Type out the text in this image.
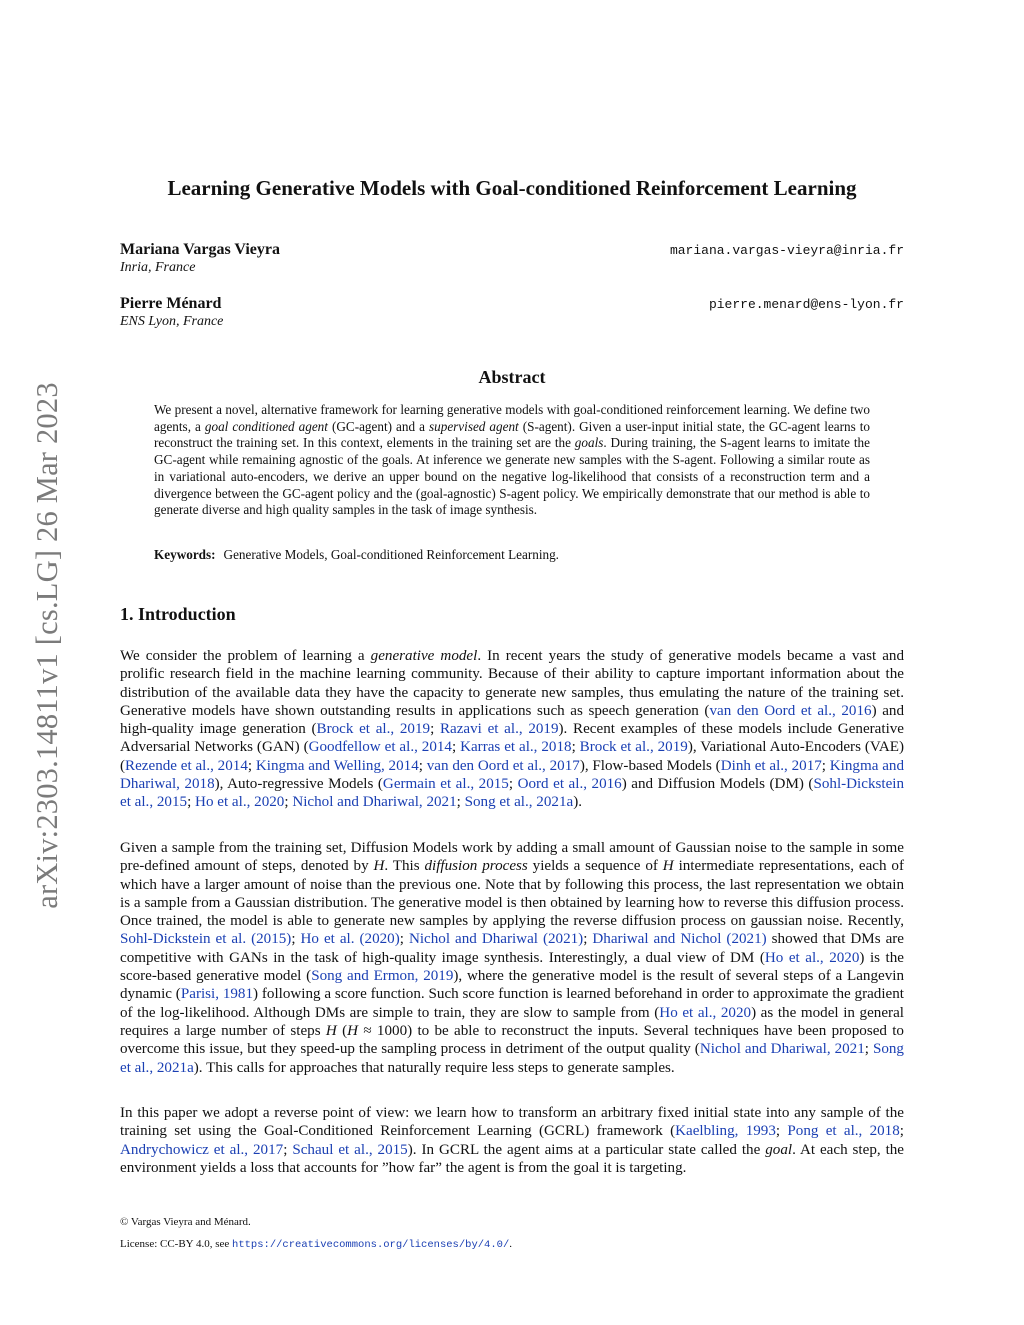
arXiv:2303.14811v1 [cs.LG] 26 Mar 2023
Learning Generative Models with Goal-conditioned Reinforcement Learning
Mariana Vargas Vieyra
Inria, France
mariana.vargas-vieyra@inria.fr
Pierre Ménard
ENS Lyon, France
pierre.menard@ens-lyon.fr
Abstract
We present a novel, alternative framework for learning generative models with goal-conditioned reinforcement learning. We define two agents, a goal conditioned agent (GC-agent) and a supervised agent (S-agent). Given a user-input initial state, the GC-agent learns to reconstruct the training set. In this context, elements in the training set are the goals. During training, the S-agent learns to imitate the GC-agent while remaining agnostic of the goals. At inference we generate new samples with the S-agent. Following a similar route as in variational auto-encoders, we derive an upper bound on the negative log-likelihood that consists of a reconstruction term and a divergence between the GC-agent policy and the (goal-agnostic) S-agent policy. We empirically demonstrate that our method is able to generate diverse and high quality samples in the task of image synthesis.
Keywords: Generative Models, Goal-conditioned Reinforcement Learning.
1. Introduction
We consider the problem of learning a generative model. In recent years the study of generative models became a vast and prolific research field in the machine learning community. Because of their ability to capture important information about the distribution of the available data they have the capacity to generate new samples, thus emulating the nature of the training set. Generative models have shown outstanding results in applications such as speech generation (van den Oord et al., 2016) and high-quality image generation (Brock et al., 2019; Razavi et al., 2019). Recent examples of these models include Generative Adversarial Networks (GAN) (Goodfellow et al., 2014; Karras et al., 2018; Brock et al., 2019), Variational Auto-Encoders (VAE) (Rezende et al., 2014; Kingma and Welling, 2014; van den Oord et al., 2017), Flow-based Models (Dinh et al., 2017; Kingma and Dhariwal, 2018), Auto-regressive Models (Germain et al., 2015; Oord et al., 2016) and Diffusion Models (DM) (Sohl-Dickstein et al., 2015; Ho et al., 2020; Nichol and Dhariwal, 2021; Song et al., 2021a).
Given a sample from the training set, Diffusion Models work by adding a small amount of Gaussian noise to the sample in some pre-defined amount of steps, denoted by H. This diffusion process yields a sequence of H intermediate representations, each of which have a larger amount of noise than the previous one. Note that by following this process, the last representation we obtain is a sample from a Gaussian distribution. The generative model is then obtained by learning how to reverse this diffusion process. Once trained, the model is able to generate new samples by applying the reverse diffusion process on gaussian noise. Recently, Sohl-Dickstein et al. (2015); Ho et al. (2020); Nichol and Dhariwal (2021); Dhariwal and Nichol (2021) showed that DMs are competitive with GANs in the task of high-quality image synthesis. Interestingly, a dual view of DM (Ho et al., 2020) is the score-based generative model (Song and Ermon, 2019), where the generative model is the result of several steps of a Langevin dynamic (Parisi, 1981) following a score function. Such score function is learned beforehand in order to approximate the gradient of the log-likelihood. Although DMs are simple to train, they are slow to sample from (Ho et al., 2020) as the model in general requires a large number of steps H (H ≈ 1000) to be able to reconstruct the inputs. Several techniques have been proposed to overcome this issue, but they speed-up the sampling process in detriment of the output quality (Nichol and Dhariwal, 2021; Song et al., 2021a). This calls for approaches that naturally require less steps to generate samples.
In this paper we adopt a reverse point of view: we learn how to transform an arbitrary fixed initial state into any sample of the training set using the Goal-Conditioned Reinforcement Learning (GCRL) framework (Kaelbling, 1993; Pong et al., 2018; Andrychowicz et al., 2017; Schaul et al., 2015). In GCRL the agent aims at a particular state called the goal. At each step, the environment yields a loss that accounts for ”how far” the agent is from the goal it is targeting.
© Vargas Vieyra and Ménard.
License: CC-BY 4.0, see https://creativecommons.org/licenses/by/4.0/.
